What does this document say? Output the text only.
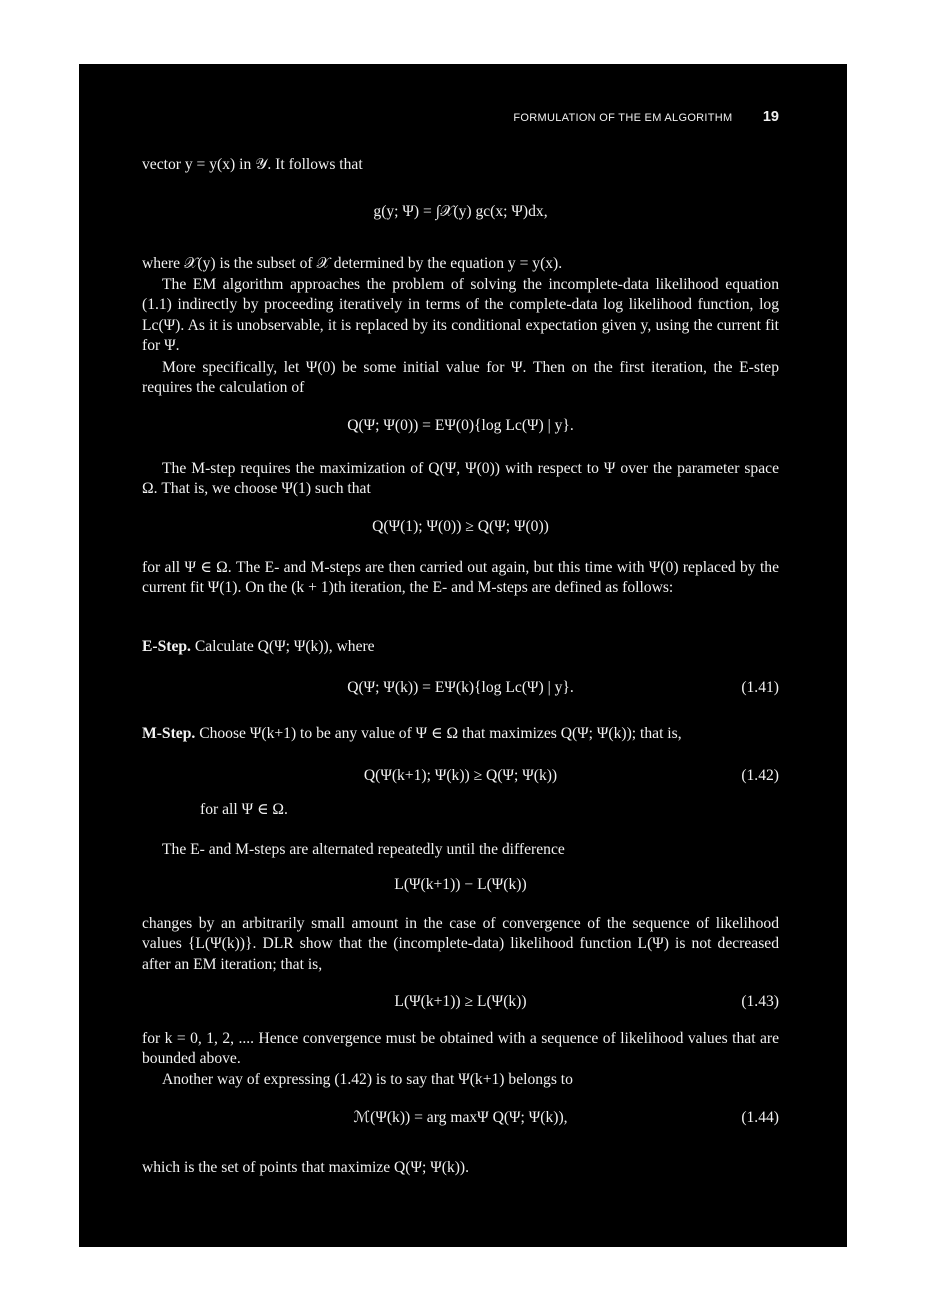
FORMULATION OF THE EM ALGORITHM 19
vector y = y(x) in 𝒴. It follows that
g(y; Ψ) = ∫𝒳(y) gc(x; Ψ)dx,
where 𝒳(y) is the subset of 𝒳 determined by the equation y = y(x).
The EM algorithm approaches the problem of solving the incomplete-data likelihood equation (1.1) indirectly by proceeding iteratively in terms of the complete-data log likelihood function, log Lc(Ψ). As it is unobservable, it is replaced by its conditional expectation given y, using the current fit for Ψ.
More specifically, let Ψ(0) be some initial value for Ψ. Then on the first iteration, the E-step requires the calculation of
Q(Ψ; Ψ(0)) = EΨ(0){log Lc(Ψ) | y}.
The M-step requires the maximization of Q(Ψ, Ψ(0)) with respect to Ψ over the parameter space Ω. That is, we choose Ψ(1) such that
Q(Ψ(1); Ψ(0)) ≥ Q(Ψ; Ψ(0))
for all Ψ ∈ Ω. The E- and M-steps are then carried out again, but this time with Ψ(0) replaced by the current fit Ψ(1). On the (k + 1)th iteration, the E- and M-steps are defined as follows:
E-Step. Calculate Q(Ψ; Ψ(k)), where
Q(Ψ; Ψ(k)) = EΨ(k){log Lc(Ψ) | y}.	(1.41)
M-Step. Choose Ψ(k+1) to be any value of Ψ ∈ Ω that maximizes Q(Ψ; Ψ(k)); that is,
Q(Ψ(k+1); Ψ(k)) ≥ Q(Ψ; Ψ(k))	(1.42)
for all Ψ ∈ Ω.
The E- and M-steps are alternated repeatedly until the difference
L(Ψ(k+1)) − L(Ψ(k))
changes by an arbitrarily small amount in the case of convergence of the sequence of likelihood values {L(Ψ(k))}. DLR show that the (incomplete-data) likelihood function L(Ψ) is not decreased after an EM iteration; that is,
L(Ψ(k+1)) ≥ L(Ψ(k))	(1.43)
for k = 0, 1, 2, .... Hence convergence must be obtained with a sequence of likelihood values that are bounded above.
Another way of expressing (1.42) is to say that Ψ(k+1) belongs to
ℳ(Ψ(k)) = arg maxΨ Q(Ψ; Ψ(k)),	(1.44)
which is the set of points that maximize Q(Ψ; Ψ(k)).
